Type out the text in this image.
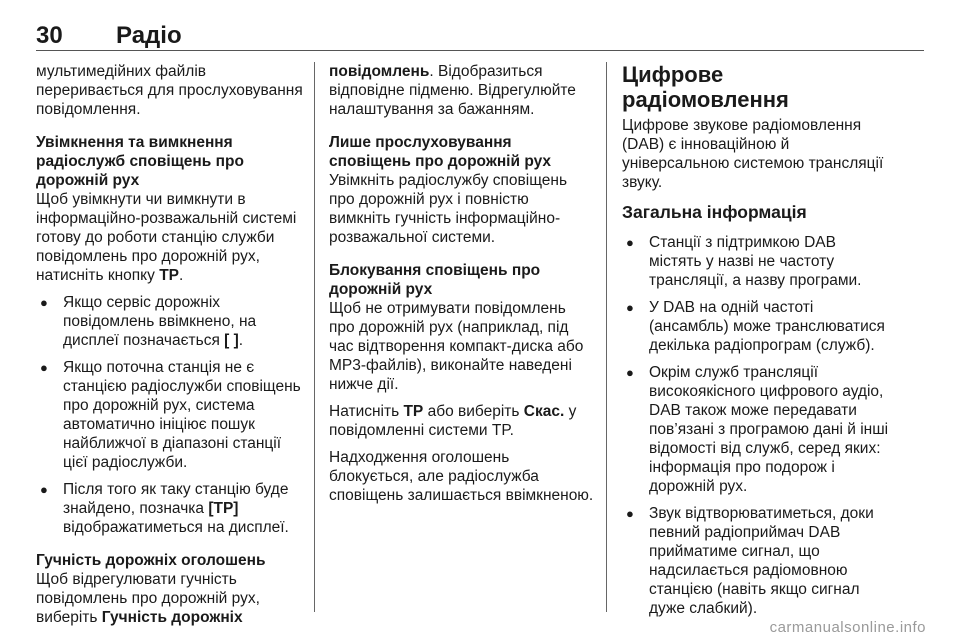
30 Радіо

мультимедійних файлів переривається для прослуховування повідомлення.

Увімкнення та вимкнення радіослужб сповіщень про дорожній рух

Щоб увімкнути чи вимкнути в інформаційно-розважальній системі готову до роботи станцію служби повідомлень про дорожній рух, натисніть кнопку TP.

● Якщо сервіс дорожніх повідомлень ввімкнено, на дисплеї позначається [ ].
● Якщо поточна станція не є станцією радіослужби сповіщень про дорожній рух, система автоматично ініціює пошук найближчої в діапазоні станції цієї радіослужби.
● Після того як таку станцію буде знайдено, позначка [TP] відображатиметься на дисплеї.

Гучність дорожніх оголошень

Щоб відрегулювати гучність повідомлень про дорожній рух, виберіть Гучність дорожніх

повідомлень. Відобразиться відповідне підменю. Відрегулюйте налаштування за бажанням.

Лише прослуховування сповіщень про дорожній рух

Увімкніть радіослужбу сповіщень про дорожній рух і повністю вимкніть гучність інформаційно-розважальної системи.

Блокування сповіщень про дорожній рух

Щоб не отримувати повідомлень про дорожній рух (наприклад, під час відтворення компакт-диска або MP3-файлів), виконайте наведені нижче дії.

Натисніть TP або виберіть Скас. у повідомленні системи TP.

Надходження оголошень блокується, але радіослужба сповіщень залишається ввімкненою.

Цифрове радіомовлення

Цифрове звукове радіомовлення (DAB) є інноваційною й універсальною системою трансляції звуку.

Загальна інформація

● Станції з підтримкою DAB містять у назві не частоту трансляції, а назву програми.
● У DAB на одній частоті (ансамбль) може транслюватися декілька радіопрограм (служб).
● Окрім служб трансляції високоякісного цифрового аудіо, DAB також може передавати пов’язані з програмою дані й інші відомості від служб, серед яких: інформація про подорож і дорожній рух.
● Звук відтворюватиметься, доки певний радіоприймач DAB прийматиме сигнал, що надсилається радіомовною станцією (навіть якщо сигнал дуже слабкий).
carmanualsonline.info
